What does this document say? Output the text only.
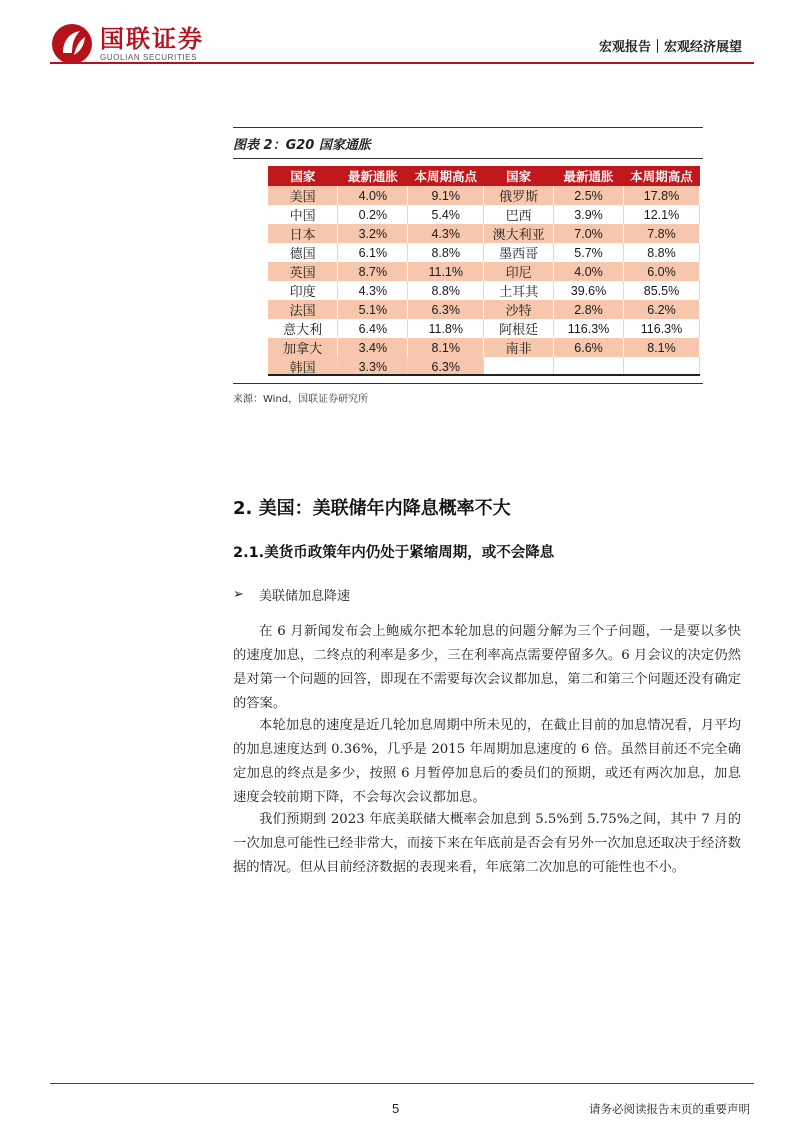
国联证券
GUOLIAN SECURITIES
宏观报告｜宏观经济展望
图表 2：G20 国家通胀
国家	最新通胀	本周期高点	国家	最新通胀	本周期高点
美国	4.0%	9.1%	俄罗斯	2.5%	17.8%
中国	0.2%	5.4%	巴西	3.9%	12.1%
日本	3.2%	4.3%	澳大利亚	7.0%	7.8%
德国	6.1%	8.8%	墨西哥	5.7%	8.8%
英国	8.7%	11.1%	印尼	4.0%	6.0%
印度	4.3%	8.8%	土耳其	39.6%	85.5%
法国	5.1%	6.3%	沙特	2.8%	6.2%
意大利	6.4%	11.8%	阿根廷	116.3%	116.3%
加拿大	3.4%	8.1%	南非	6.6%	8.1%
韩国	3.3%	6.3%			
来源：Wind，国联证券研究所
2. 美国：美联储年内降息概率不大
2.1.美货币政策年内仍处于紧缩周期，或不会降息
➢ 美联储加息降速

在 6 月新闻发布会上鲍威尔把本轮加息的问题分解为三个子问题，一是要以多快的速度加息，二终点的利率是多少，三在利率高点需要停留多久。6 月会议的决定仍然是对第一个问题的回答，即现在不需要每次会议都加息，第二和第三个问题还没有确定的答案。

本轮加息的速度是近几轮加息周期中所未见的，在截止目前的加息情况看，月平均的加息速度达到 0.36%，几乎是 2015 年周期加息速度的 6 倍。虽然目前还不完全确定加息的终点是多少，按照 6 月暂停加息后的委员们的预期，或还有两次加息，加息速度会较前期下降，不会每次会议都加息。

我们预期到 2023 年底美联储大概率会加息到 5.5%到 5.75%之间，其中 7 月的一次加息可能性已经非常大，而接下来在年底前是否会有另外一次加息还取决于经济数据的情况。但从目前经济数据的表现来看，年底第二次加息的可能性也不小。

5	请务必阅读报告末页的重要声明
